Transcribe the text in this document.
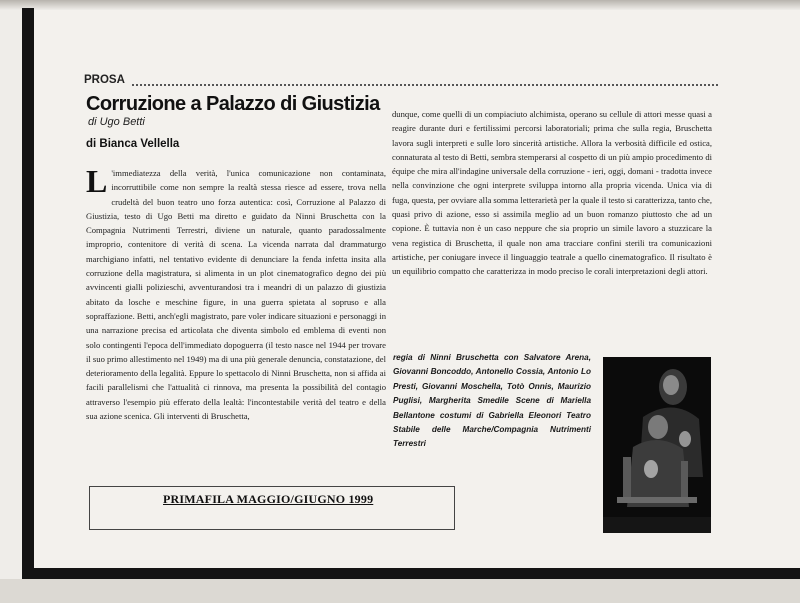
PROSA
Corruzione a Palazzo di Giustizia
di Ugo Betti
di Bianca Vellella
L 'immediatezza della verità, l'unica comunicazione non contaminata, incorruttibile come non sempre la realtà stessa riesce ad essere, trova nella crudeltà del buon teatro uno forza autentica: così, Corruzione al Palazzo di Giustizia, testo di Ugo Betti ma diretto e guidato da Ninni Bruschetta con la Compagnia Nutrimenti Terrestri, diviene un naturale, quanto paradossalmente improprio, contenitore di verità di scena. La vicenda narrata dal drammaturgo marchigiano infatti, nel tentativo evidente di denunciare la fenda infetta insita alla corruzione della magistratura, si alimenta in un plot cinematografico degno dei più avvincenti gialli polizieschi, avventurandosi tra i meandri di un palazzo di giustizia abitato da losche e meschine figure, in una guerra spietata al sopruso e alla sopraffazione. Betti, anch'egli magistrato, pare voler indicare situazioni e personaggi in una narrazione precisa ed articolata che diventa simbolo ed emblema di eventi non solo contingenti l'epoca dell'immediato dopoguerra (il testo nasce nel 1944 per trovare il suo primo allestimento nel 1949) ma di una più generale denuncia, constatazione, del deterioramento della legalità. Eppure lo spettacolo di Ninni Bruschetta, non si affida ai facili parallelismi che l'attualità ci rinnova, ma presenta la possibilità del contagio attraverso l'esempio più efferato della lealtà: l'incontestabile verità del teatro e della sua azione scenica. Gli interventi di Bruschetta,
dunque, come quelli di un compiaciuto alchimista, operano su cellule di attori messe quasi a reagire durante duri e fertilissimi percorsi laboratoriali; prima che sulla regia, Bruschetta lavora sugli interpreti e sulle loro sincerità artistiche. Allora la verbosità difficile ed ostica, connaturata al testo di Betti, sembra stemperarsi al cospetto di un più ampio procedimento di équipe che mira all'indagine universale della corruzione - ieri, oggi, domani - tradotta invece nella convinzione che ogni interprete sviluppa intorno alla propria vicenda. Unica via di fuga, questa, per ovviare alla somma letterarietà per la quale il testo si caratterizza, tanto che, quasi privo di azione, esso si assimila meglio ad un buon romanzo piuttosto che ad un copione. È tuttavia non è un caso neppure che sia proprio un simile lavoro a stuzzicare la vena registica di Bruschetta, il quale non ama tracciare confini sterili tra comunicazioni artistiche, per coniugare invece il linguaggio teatrale a quello cinematografico. Il risultato è un equilibrio compatto che caratterizza in modo preciso le corali interpretazioni degli attori.
regia di Ninni Bruschetta con Salvatore Arena, Giovanni Boncoddo, Antonello Cossia, Antonio Lo Presti, Giovanni Moschella, Totò Onnis, Maurizio Puglisi, Margherita Smedile Scene di Mariella Bellantone costumi di Gabriella Eleonori Teatro Stabile delle Marche/Compagnia Nutrimenti Terrestri
PRIMAFILA MAGGIO/GIUGNO 1999
